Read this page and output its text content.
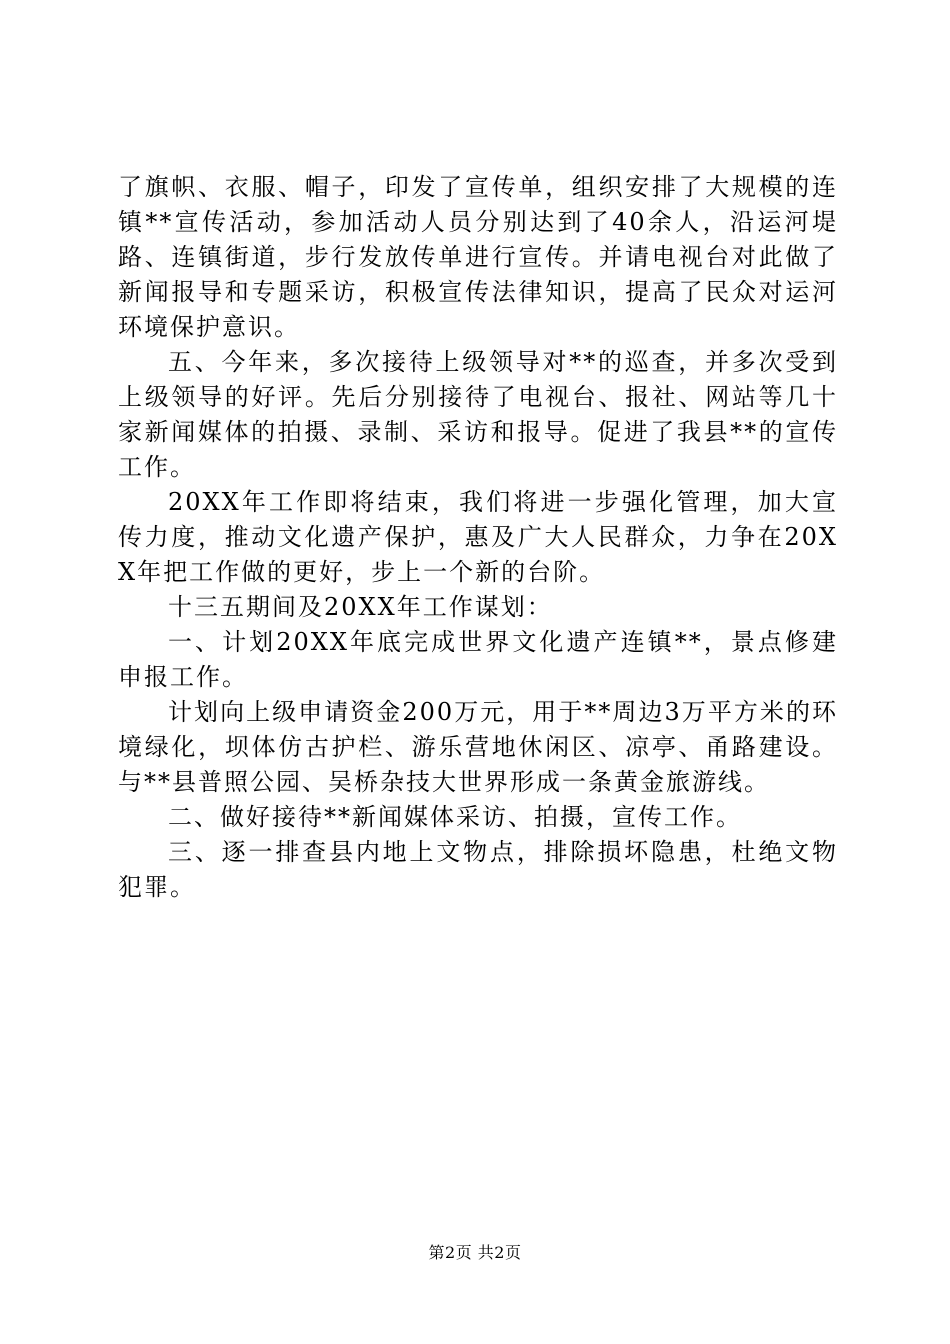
了旗帜、衣服、帽子，印发了宣传单，组织安排了大规模的连镇**宣传活动，参加活动人员分别达到了40余人，沿运河堤路、连镇街道，步行发放传单进行宣传。并请电视台对此做了新闻报导和专题采访，积极宣传法律知识，提高了民众对运河环境保护意识。

五、今年来，多次接待上级领导对**的巡查，并多次受到上级领导的好评。先后分别接待了电视台、报社、网站等几十家新闻媒体的拍摄、录制、采访和报导。促进了我县**的宣传工作。

20XX年工作即将结束，我们将进一步强化管理，加大宣传力度，推动文化遗产保护，惠及广大人民群众，力争在20XX年把工作做的更好，步上一个新的台阶。

十三五期间及20XX年工作谋划：

一、计划20XX年底完成世界文化遗产连镇**，景点修建申报工作。

计划向上级申请资金200万元，用于**周边3万平方米的环境绿化，坝体仿古护栏、游乐营地休闲区、凉亭、甬路建设。与**县普照公园、吴桥杂技大世界形成一条黄金旅游线。

二、做好接待**新闻媒体采访、拍摄，宣传工作。

三、逐一排查县内地上文物点，排除损坏隐患，杜绝文物犯罪。

第2页 共2页
